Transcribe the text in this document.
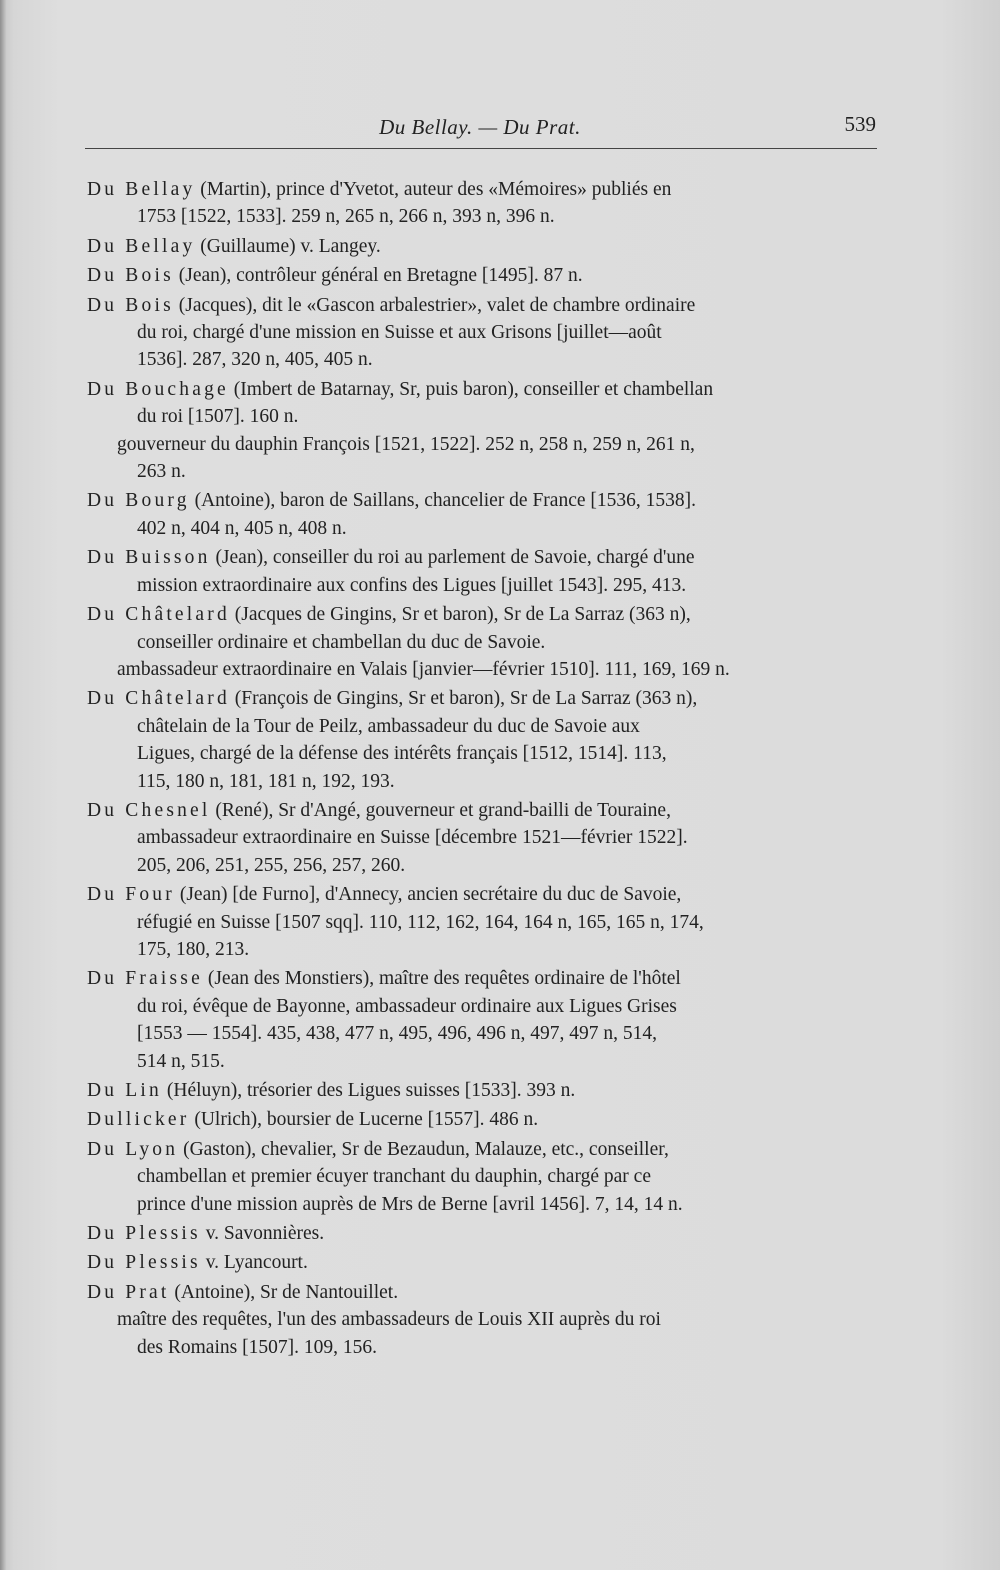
Du Bellay. — Du Prat.	539
Du Bellay (Martin), prince d'Yvetot, auteur des «Mémoires» publiés en
1753 [1522, 1533]. 259 n, 265 n, 266 n, 393 n, 396 n.
Du Bellay (Guillaume) v. Langey.
Du Bois (Jean), contrôleur général en Bretagne [1495]. 87 n.
Du Bois (Jacques), dit le «Gascon arbalestrier», valet de chambre ordinaire
du roi, chargé d'une mission en Suisse et aux Grisons [juillet—août
1536]. 287, 320 n, 405, 405 n.
Du Bouchage (Imbert de Batarnay, Sr, puis baron), conseiller et chambellan
du roi [1507]. 160 n.
gouverneur du dauphin François [1521, 1522]. 252 n, 258 n, 259 n, 261 n,
263 n.
Du Bourg (Antoine), baron de Saillans, chancelier de France [1536, 1538].
402 n, 404 n, 405 n, 408 n.
Du Buisson (Jean), conseiller du roi au parlement de Savoie, chargé d'une
mission extraordinaire aux confins des Ligues [juillet 1543]. 295, 413.
Du Châtelard (Jacques de Gingins, Sr et baron), Sr de La Sarraz (363 n),
conseiller ordinaire et chambellan du duc de Savoie.
ambassadeur extraordinaire en Valais [janvier—février 1510]. 111, 169, 169 n.
Du Châtelard (François de Gingins, Sr et baron), Sr de La Sarraz (363 n),
châtelain de la Tour de Peilz, ambassadeur du duc de Savoie aux
Ligues, chargé de la défense des intérêts français [1512, 1514]. 113,
115, 180 n, 181, 181 n, 192, 193.
Du Chesnel (René), Sr d'Angé, gouverneur et grand-bailli de Touraine,
ambassadeur extraordinaire en Suisse [décembre 1521—février 1522].
205, 206, 251, 255, 256, 257, 260.
Du Four (Jean) [de Furno], d'Annecy, ancien secrétaire du duc de Savoie,
réfugié en Suisse [1507 sqq]. 110, 112, 162, 164, 164 n, 165, 165 n, 174,
175, 180, 213.
Du Fraisse (Jean des Monstiers), maître des requêtes ordinaire de l'hôtel
du roi, évêque de Bayonne, ambassadeur ordinaire aux Ligues Grises
[1553 — 1554]. 435, 438, 477 n, 495, 496, 496 n, 497, 497 n, 514,
514 n, 515.
Du Lin (Héluyn), trésorier des Ligues suisses [1533]. 393 n.
Dullicker (Ulrich), boursier de Lucerne [1557]. 486 n.
Du Lyon (Gaston), chevalier, Sr de Bezaudun, Malauze, etc., conseiller,
chambellan et premier écuyer tranchant du dauphin, chargé par ce
prince d'une mission auprès de Mrs de Berne [avril 1456]. 7, 14, 14 n.
Du Plessis v. Savonnières.
Du Plessis v. Lyancourt.
Du Prat (Antoine), Sr de Nantouillet.
maître des requêtes, l'un des ambassadeurs de Louis XII auprès du roi
des Romains [1507]. 109, 156.
